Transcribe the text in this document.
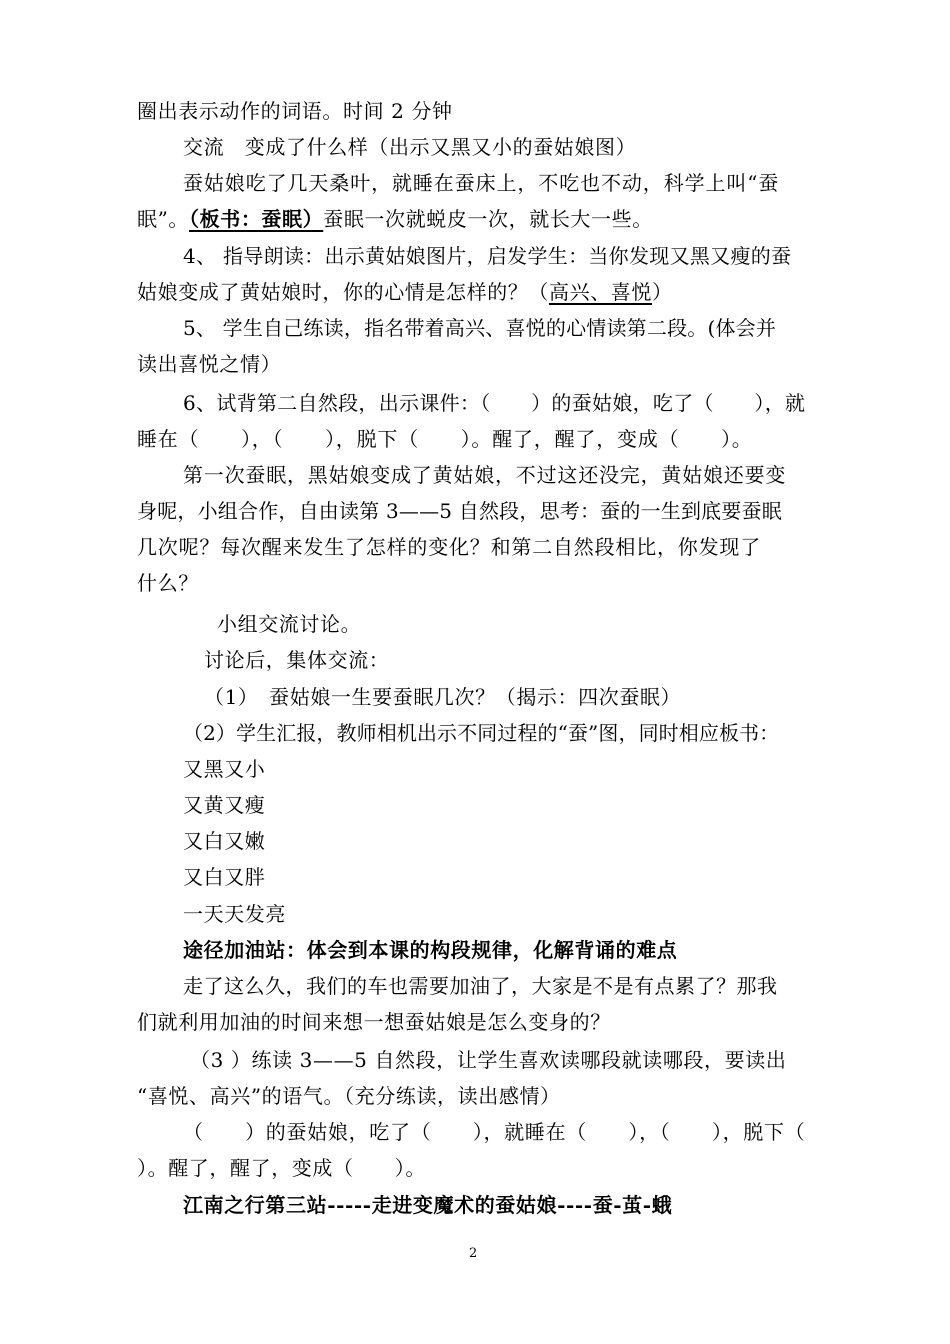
圈出表示动作的词语。时间 2 分钟
交流　变成了什么样（出示又黑又小的蚕姑娘图）
蚕姑娘吃了几天桑叶，就睡在蚕床上，不吃也不动，科学上叫“蚕
眠”。（板书：蚕眠）蚕眠一次就蜕皮一次，就长大一些。
4、 指导朗读：出示黄姑娘图片，启发学生：当你发现又黑又瘦的蚕
姑娘变成了黄姑娘时，你的心情是怎样的？（高兴、喜悦）
5、 学生自己练读，指名带着高兴、喜悦的心情读第二段。(体会并
读出喜悦之情）
6、试背第二自然段，出示课件：（　　）的蚕姑娘，吃了（　　），就
睡在（　　），（　　），脱下（　　）。醒了，醒了，变成（　　）。
第一次蚕眠，黑姑娘变成了黄姑娘，不过这还没完，黄姑娘还要变
身呢，小组合作，自由读第 3——5 自然段，思考：蚕的一生到底要蚕眠
几次呢？每次醒来发生了怎样的变化？和第二自然段相比，你发现了
什么？
小组交流讨论。
讨论后，集体交流：
（1）　蚕姑娘一生要蚕眠几次？（揭示：四次蚕眠）
（2）学生汇报，教师相机出示不同过程的“蚕”图，同时相应板书：
又黑又小
又黄又瘦
又白又嫩
又白又胖
一天天发亮
途径加油站：体会到本课的构段规律，化解背诵的难点
走了这么久，我们的车也需要加油了，大家是不是有点累了？那我
们就利用加油的时间来想一想蚕姑娘是怎么变身的？
（3 ）练读 3——5 自然段，让学生喜欢读哪段就读哪段，要读出
“喜悦、高兴”的语气。（充分练读，读出感情）
（　　）的蚕姑娘，吃了（　　），就睡在（　　），（　　），脱下（
）。醒了，醒了，变成（　　）。
江南之行第三站-----走进变魔术的蚕姑娘----蚕-茧-蛾
2
